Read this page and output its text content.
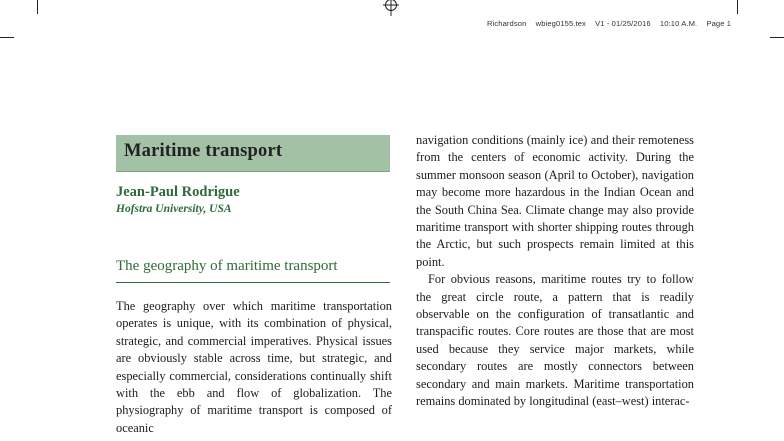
Richardson wbieg0155.tex V1 - 01/25/2016 10:10 A.M. Page 1
Maritime transport
Jean-Paul Rodrigue
Hofstra University, USA
The geography of maritime transport

The geography over which maritime transportation operates is unique, with its combination of physical, strategic, and commercial imperatives. Physical issues are obviously stable across time, but strategic, and especially commercial, considerations continually shift with the ebb and flow of globalization. The physiography of maritime transport is composed of oceanic

navigation conditions (mainly ice) and their remoteness from the centers of economic activity. During the summer monsoon season (April to October), navigation may become more hazardous in the Indian Ocean and the South China Sea. Climate change may also provide maritime transport with shorter shipping routes through the Arctic, but such prospects remain limited at this point.

For obvious reasons, maritime routes try to follow the great circle route, a pattern that is readily observable on the configuration of transatlantic and transpacific routes. Core routes are those that are most used because they service major markets, while secondary routes are mostly connectors between secondary and main markets. Maritime transportation remains dominated by longitudinal (east–west) interac-
